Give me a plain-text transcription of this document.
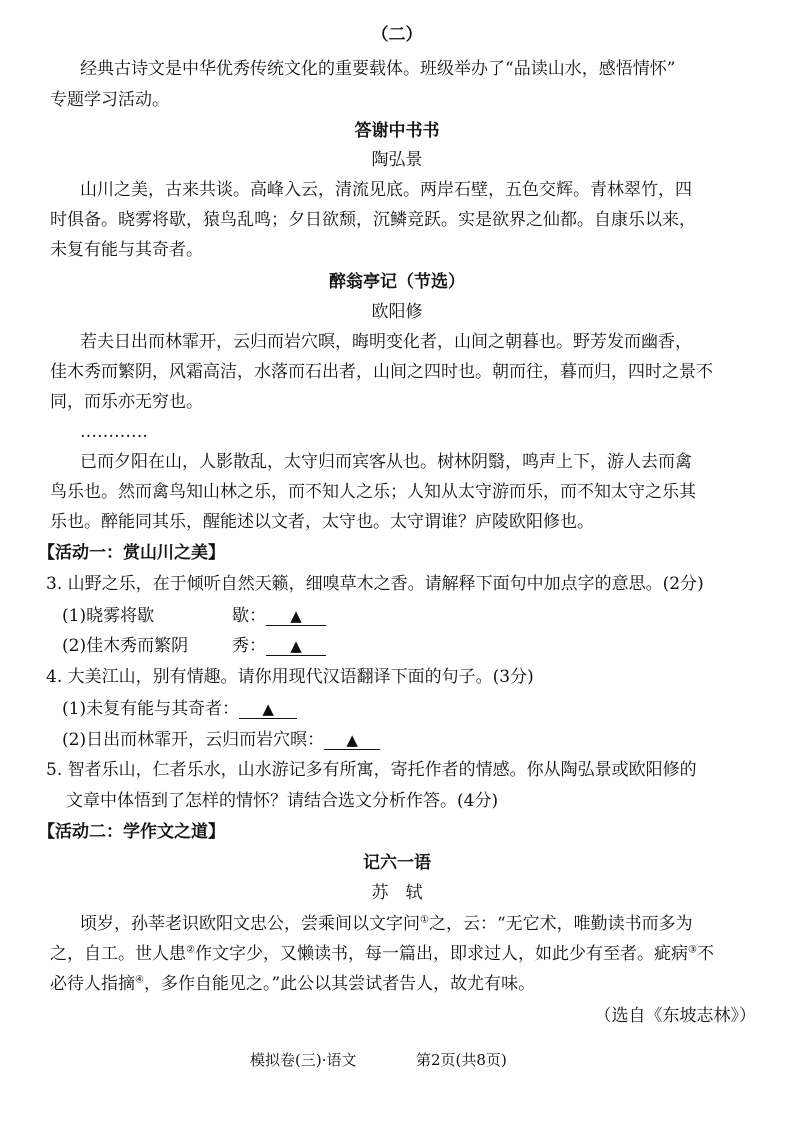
（二）
经典古诗文是中华优秀传统文化的重要载体。班级举办了“品读山水，感悟情怀”
专题学习活动。
答谢中书书
陶弘景
山川之美，古来共谈。高峰入云，清流见底。两岸石壁，五色交辉。青林翠竹，四
时俱备。晓雾将歇，猿鸟乱鸣；夕日欲颓，沉鳞竞跃。实是欲界之仙都。自康乐以来，
未复有能与其奇者。
醉翁亭记（节选）
欧阳修
若夫日出而林霏开，云归而岩穴暝，晦明变化者，山间之朝暮也。野芳发而幽香，
佳木秀而繁阴，风霜高洁，水落而石出者，山间之四时也。朝而往，暮而归，四时之景不
同，而乐亦无穷也。
…………
已而夕阳在山，人影散乱，太守归而宾客从也。树林阴翳，鸣声上下，游人去而禽
鸟乐也。然而禽鸟知山林之乐，而不知人之乐；人知从太守游而乐，而不知太守之乐其
乐也。醉能同其乐，醒能述以文者，太守也。太守谓谁？庐陵欧阳修也。
【活动一：赏山川之美】
3. 山野之乐，在于倾听自然天籁，细嗅草木之香。请解释下面句中加点字的意思。(2分)
(1)晓雾将歇	歇： ▲
(2)佳木秀而繁阴	秀： ▲
4. 大美江山，别有情趣。请你用现代汉语翻译下面的句子。(3分)
(1)未复有能与其奇者： ▲
(2)日出而林霏开，云归而岩穴暝： ▲
5. 智者乐山，仁者乐水，山水游记多有所寓，寄托作者的情感。你从陶弘景或欧阳修的
文章中体悟到了怎样的情怀？请结合选文分析作答。(4分)
【活动二：学作文之道】
记六一语
苏　轼
顷岁，孙莘老识欧阳文忠公，尝乘间以文字问①之，云：“无它术，唯勤读书而多为
之，自工。世人患②作文字少，又懒读书，每一篇出，即求过人，如此少有至者。疵病③不
必待人指摘④，多作自能见之。”此公以其尝试者告人，故尤有味。
（选自《东坡志林》）
模拟卷(三)·语文	第2页(共8页)
